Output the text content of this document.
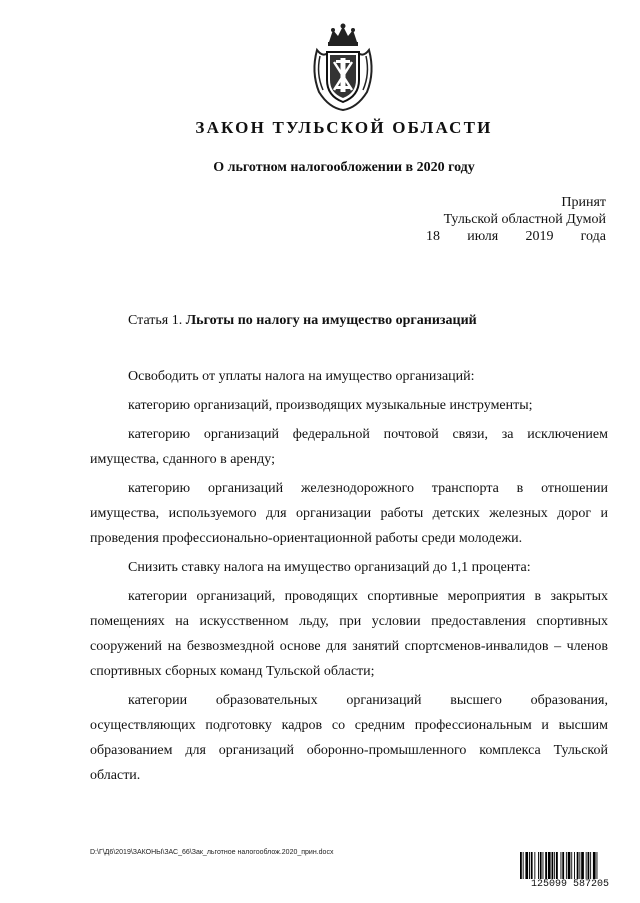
ЗАКОН ТУЛЬСКОЙ ОБЛАСТИ
О льготном налогообложении в 2020 году
Принят
Тульской областной Думой
18 июля 2019 года
Статья 1. Льготы по налогу на имущество организаций

Освободить от уплаты налога на имущество организаций:

категорию организаций, производящих музыкальные инструменты;

категорию организаций федеральной почтовой связи, за исключением имущества, сданного в аренду;

категорию организаций железнодорожного транспорта в отношении имущества, используемого для организации работы детских железных дорог и проведения профессионально-ориентационной работы среди молодежи.

Снизить ставку налога на имущество организаций до 1,1 процента:

категории организаций, проводящих спортивные мероприятия в закрытых помещениях на искусственном льду, при условии предоставления спортивных сооружений на безвозмездной основе для занятий спортсменов-инвалидов – членов спортивных сборных команд Тульской области;

категории образовательных организаций высшего образования, осуществляющих подготовку кадров со средним профессиональным и высшим образованием для организаций оборонно-промышленного комплекса Тульской области.

D:\Г\Д6\2019\ЗАКОНЫ\ЗАС_66\Зак_льготное налогооблож.2020_прин.docx
125099 587205
